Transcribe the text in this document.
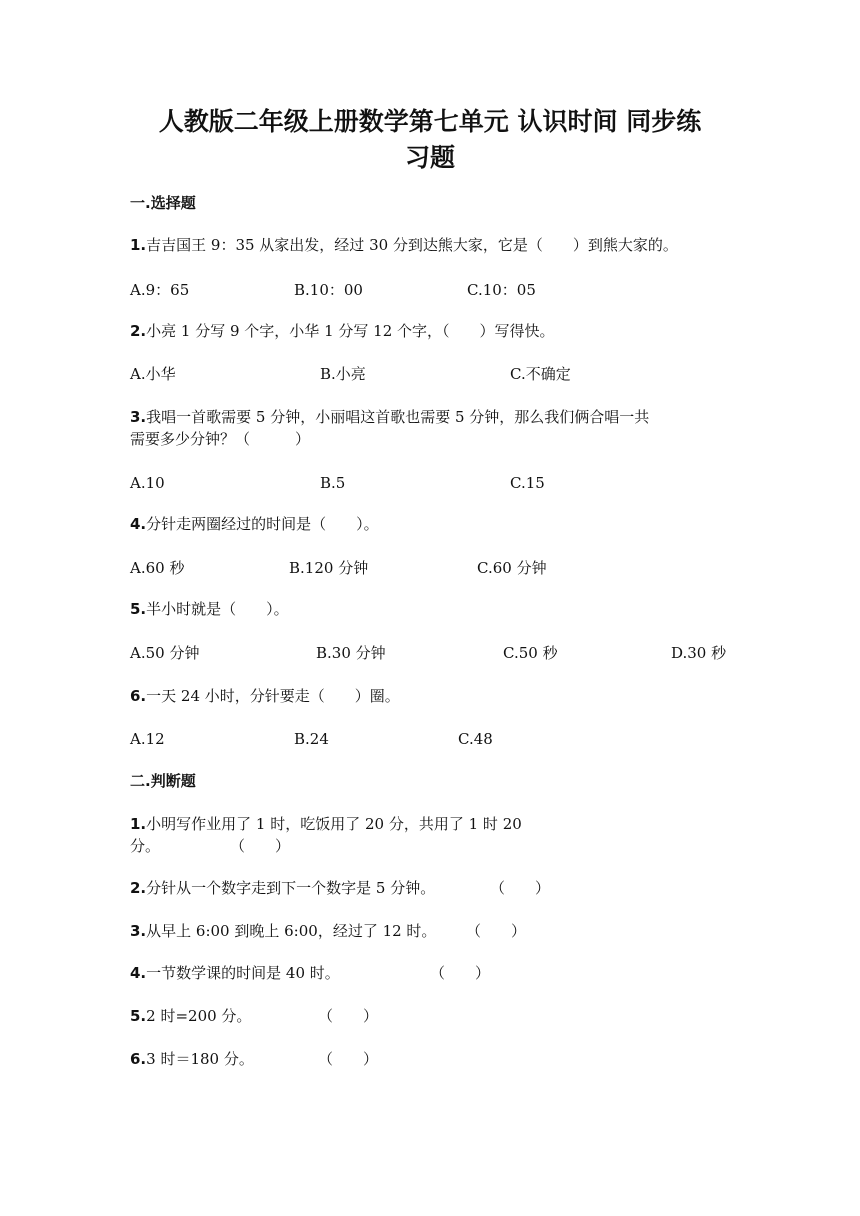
人教版二年级上册数学第七单元 认识时间 同步练
习题
一.选择题
1.吉吉国王 9：35 从家出发，经过 30 分到达熊大家，它是（　　）到熊大家的。
A.9：65	B.10：00	C.10：05
2.小亮 1 分写 9 个字，小华 1 分写 12 个字，（　　）写得快。
A.小华	B.小亮	C.不确定
3.我唱一首歌需要 5 分钟，小丽唱这首歌也需要 5 分钟，那么我们俩合唱一共
需要多少分钟？（　　　）
A.10	B.5	C.15
4.分针走两圈经过的时间是（　　）。
A.60 秒	B.120 分钟	C.60 分钟
5.半小时就是（　　）。
A.50 分钟	B.30 分钟	C.50 秒	D.30 秒
6.一天 24 小时，分针要走（　　）圈。
A.12	B.24	C.48
二.判断题
1.小明写作业用了 1 时，吃饭用了 20 分，共用了 1 时 20
分。	（　　）
2.分针从一个数字走到下一个数字是 5 分钟。	（　　）
3.从早上 6:00 到晚上 6:00，经过了 12 时。 （　　）
4.一节数学课的时间是 40 时。	（　　）
5.2 时=200 分。	（　　）
6.3 时＝180 分。	（　　）
